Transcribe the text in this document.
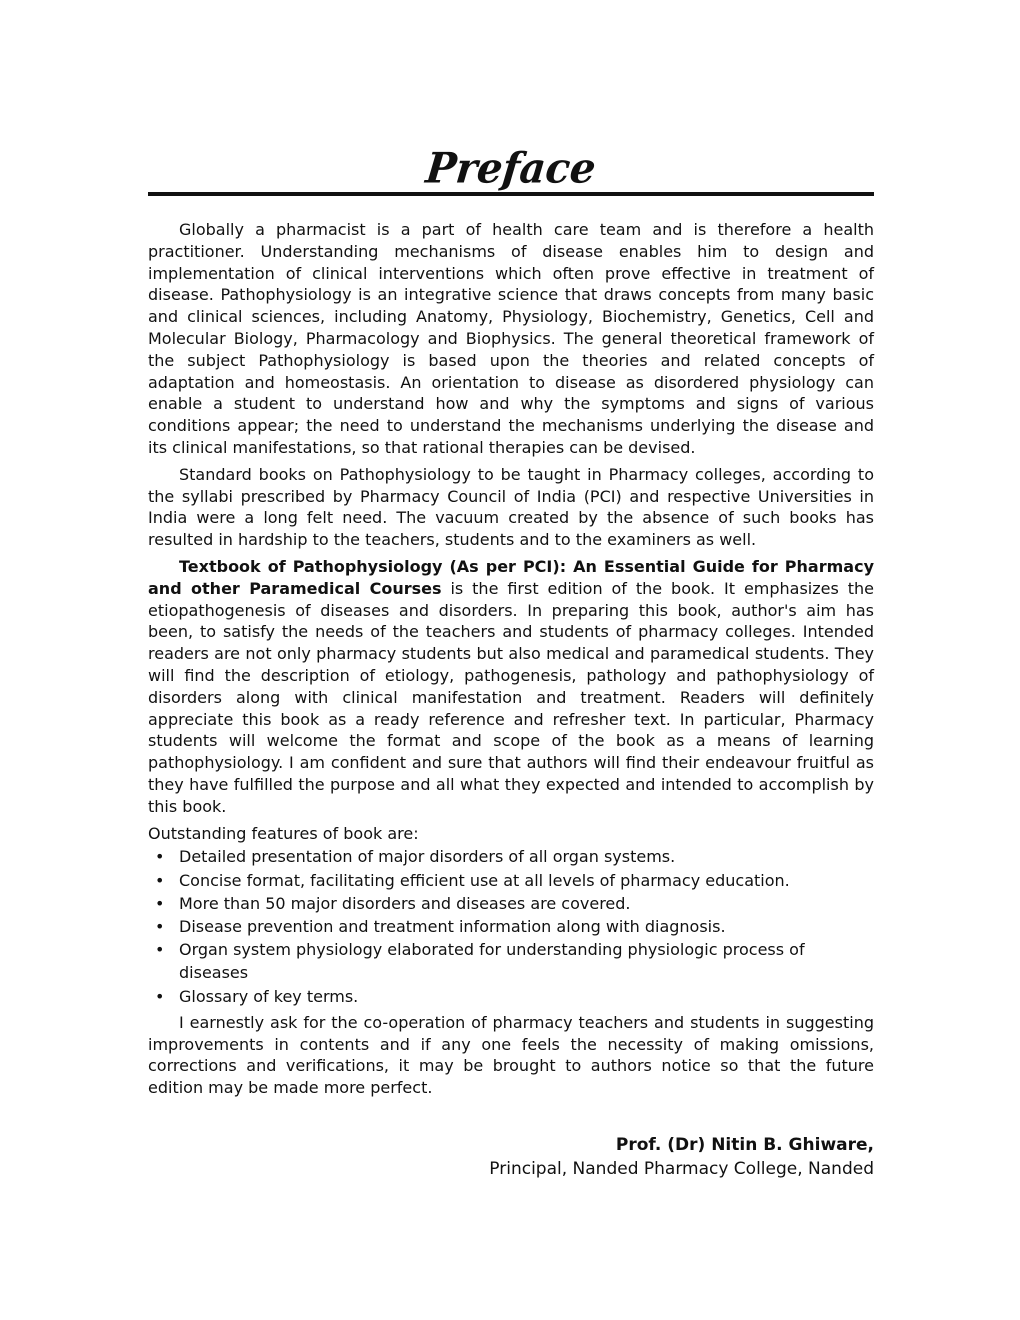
Preface

Globally a pharmacist is a part of health care team and is therefore a health practitioner. Understanding mechanisms of disease enables him to design and implementation of clinical interventions which often prove effective in treatment of disease. Pathophysiology is an integrative science that draws concepts from many basic and clinical sciences, including Anatomy, Physiology, Biochemistry, Genetics, Cell and Molecular Biology, Pharmacology and Biophysics. The general theoretical framework of the subject Pathophysiology is based upon the theories and related concepts of adaptation and homeostasis. An orientation to disease as disordered physiology can enable a student to understand how and why the symptoms and signs of various conditions appear; the need to understand the mechanisms underlying the disease and its clinical manifestations, so that rational therapies can be devised.

Standard books on Pathophysiology to be taught in Pharmacy colleges, according to the syllabi prescribed by Pharmacy Council of India (PCI) and respective Universities in India were a long felt need. The vacuum created by the absence of such books has resulted in hardship to the teachers, students and to the examiners as well.

Textbook of Pathophysiology (As per PCI): An Essential Guide for Pharmacy and other Paramedical Courses is the first edition of the book. It emphasizes the etiopathogenesis of diseases and disorders. In preparing this book, author's aim has been, to satisfy the needs of the teachers and students of pharmacy colleges. Intended readers are not only pharmacy students but also medical and paramedical students. They will find the description of etiology, pathogenesis, pathology and pathophysiology of disorders along with clinical manifestation and treatment. Readers will definitely appreciate this book as a ready reference and refresher text. In particular, Pharmacy students will welcome the format and scope of the book as a means of learning pathophysiology. I am confident and sure that authors will find their endeavour fruitful as they have fulfilled the purpose and all what they expected and intended to accomplish by this book.

Outstanding features of book are:

•
Detailed presentation of major disorders of all organ systems.
•
Concise format, facilitating efficient use at all levels of pharmacy education.
•
More than 50 major disorders and diseases are covered.
•
Disease prevention and treatment information along with diagnosis.
•
Organ system physiology elaborated for understanding physiologic process of diseases
•
Glossary of key terms.

I earnestly ask for the co-operation of pharmacy teachers and students in suggesting improvements in contents and if any one feels the necessity of making omissions, corrections and verifications, it may be brought to authors notice so that the future edition may be made more perfect.

Prof. (Dr) Nitin B. Ghiware,
Principal, Nanded Pharmacy College, Nanded
